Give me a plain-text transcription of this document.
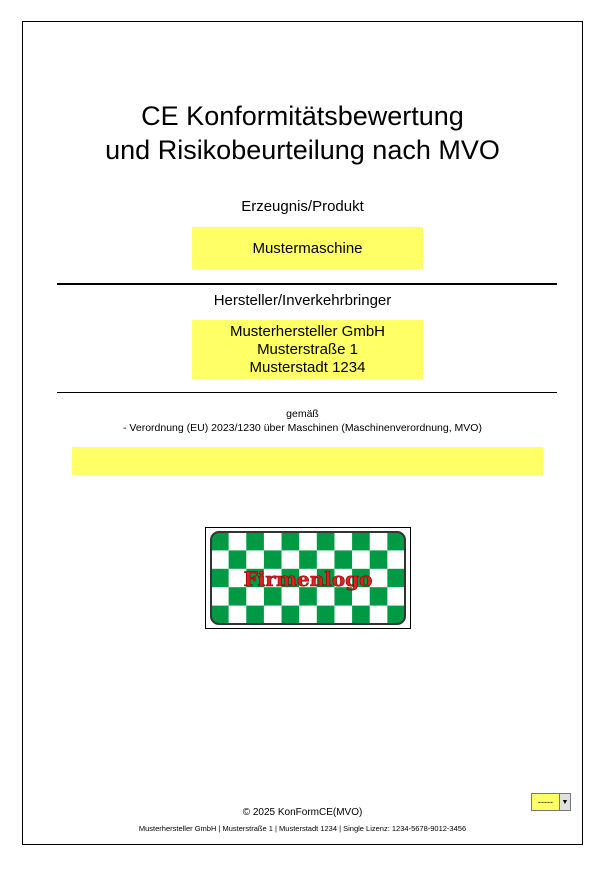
CE Konformitätsbewertung
und Risikobeurteilung nach MVO
Erzeugnis/Produkt
Mustermaschine
Hersteller/Inverkehrbringer
Musterhersteller GmbH
Musterstraße 1
Musterstadt 1234
gemäß
- Verordnung (EU) 2023/1230 über Maschinen (Maschinenverordnung, MVO)
Firmenlogo
© 2025 KonFormCE(MVO)
Musterhersteller GmbH | Musterstraße 1 | Musterstadt 1234 | Single Lizenz: 1234-5678-9012-3456
-----	▼
